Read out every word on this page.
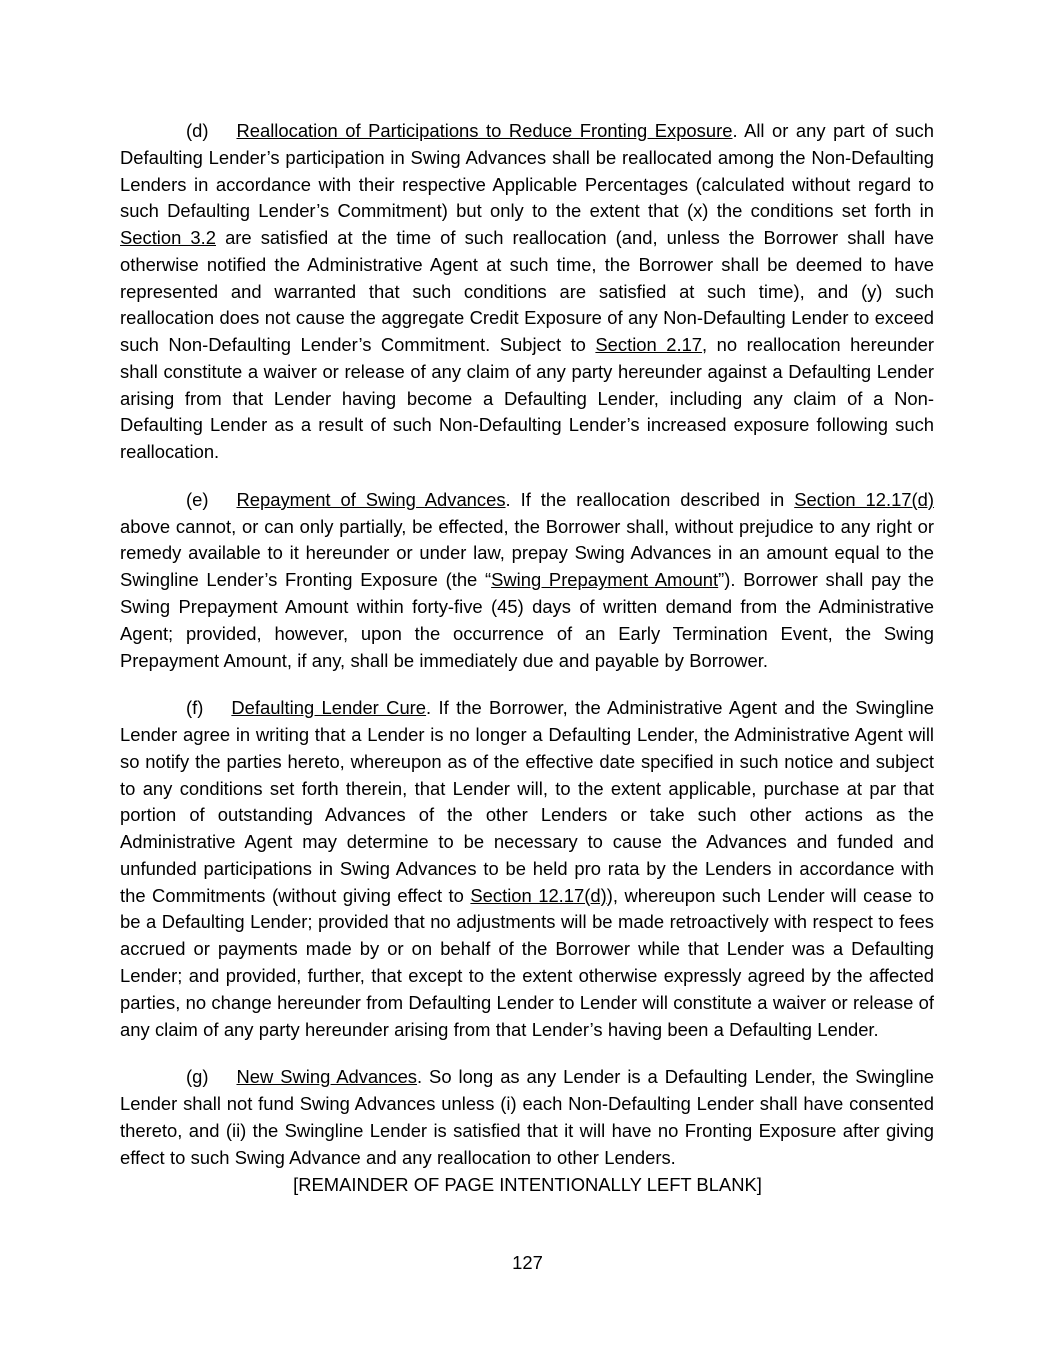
(d) Reallocation of Participations to Reduce Fronting Exposure. All or any part of such Defaulting Lender’s participation in Swing Advances shall be reallocated among the Non-Defaulting Lenders in accordance with their respective Applicable Percentages (calculated without regard to such Defaulting Lender’s Commitment) but only to the extent that (x) the conditions set forth in Section 3.2 are satisfied at the time of such reallocation (and, unless the Borrower shall have otherwise notified the Administrative Agent at such time, the Borrower shall be deemed to have represented and warranted that such conditions are satisfied at such time), and (y) such reallocation does not cause the aggregate Credit Exposure of any Non-Defaulting Lender to exceed such Non-Defaulting Lender’s Commitment. Subject to Section 2.17, no reallocation hereunder shall constitute a waiver or release of any claim of any party hereunder against a Defaulting Lender arising from that Lender having become a Defaulting Lender, including any claim of a Non-Defaulting Lender as a result of such Non-Defaulting Lender’s increased exposure following such reallocation.

(e) Repayment of Swing Advances. If the reallocation described in Section 12.17(d) above cannot, or can only partially, be effected, the Borrower shall, without prejudice to any right or remedy available to it hereunder or under law, prepay Swing Advances in an amount equal to the Swingline Lender’s Fronting Exposure (the “Swing Prepayment Amount”). Borrower shall pay the Swing Prepayment Amount within forty-five (45) days of written demand from the Administrative Agent; provided, however, upon the occurrence of an Early Termination Event, the Swing Prepayment Amount, if any, shall be immediately due and payable by Borrower.

(f) Defaulting Lender Cure. If the Borrower, the Administrative Agent and the Swingline Lender agree in writing that a Lender is no longer a Defaulting Lender, the Administrative Agent will so notify the parties hereto, whereupon as of the effective date specified in such notice and subject to any conditions set forth therein, that Lender will, to the extent applicable, purchase at par that portion of outstanding Advances of the other Lenders or take such other actions as the Administrative Agent may determine to be necessary to cause the Advances and funded and unfunded participations in Swing Advances to be held pro rata by the Lenders in accordance with the Commitments (without giving effect to Section 12.17(d)), whereupon such Lender will cease to be a Defaulting Lender; provided that no adjustments will be made retroactively with respect to fees accrued or payments made by or on behalf of the Borrower while that Lender was a Defaulting Lender; and provided, further, that except to the extent otherwise expressly agreed by the affected parties, no change hereunder from Defaulting Lender to Lender will constitute a waiver or release of any claim of any party hereunder arising from that Lender’s having been a Defaulting Lender.

(g) New Swing Advances. So long as any Lender is a Defaulting Lender, the Swingline Lender shall not fund Swing Advances unless (i) each Non-Defaulting Lender shall have consented thereto, and (ii) the Swingline Lender is satisfied that it will have no Fronting Exposure after giving effect to such Swing Advance and any reallocation to other Lenders.

[REMAINDER OF PAGE INTENTIONALLY LEFT BLANK]
127
